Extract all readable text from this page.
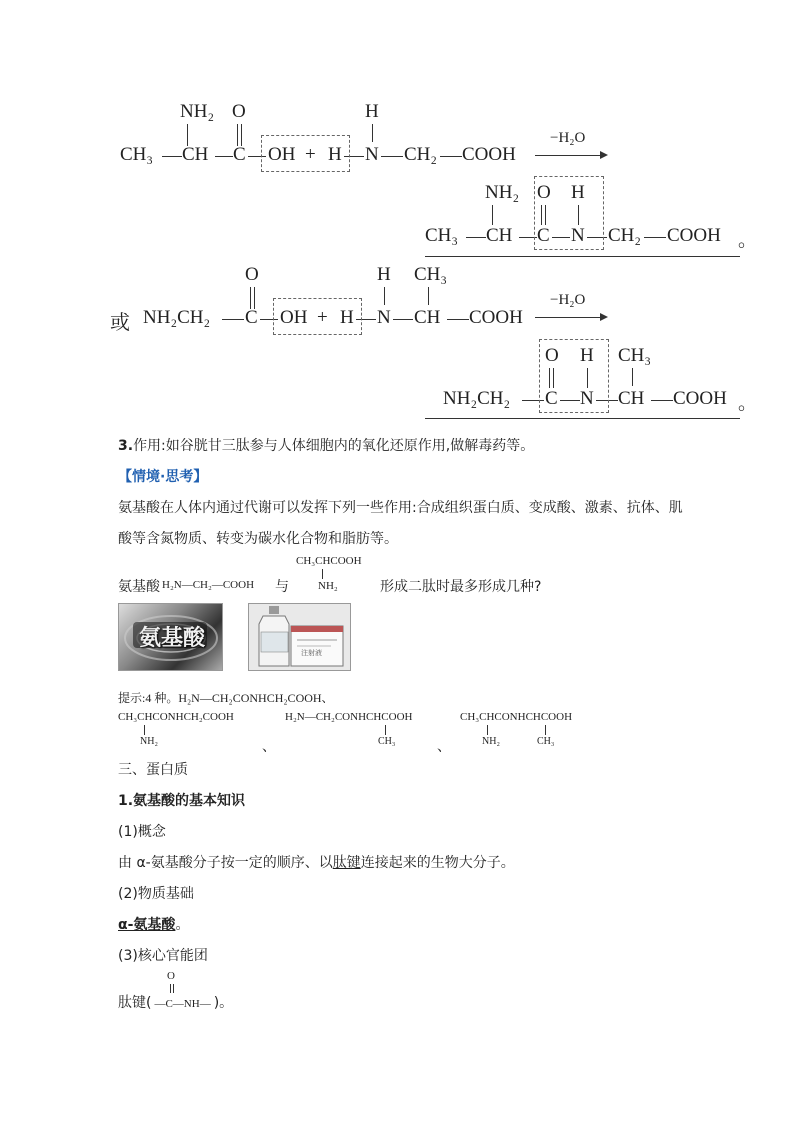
NH₂ O	H
CH₃ CH C OH + H N CH₂ COOH
−H₂O
NH₂ O H
CH₃ CH C N CH₂ COOH 。
或
O	H CH₃
NH₂CH₂ C OH + H N CH COOH
−H₂O
O H CH₃
NH₂CH₂ C N CH COOH 。
3.作用:如谷胱甘三肽参与人体细胞内的氧化还原作用,做解毒药等。
【情境·思考】
氨基酸在人体内通过代谢可以发挥下列一些作用:合成组织蛋白质、变成酸、激素、抗体、肌
酸等含氮物质、转变为碳水化合物和脂肪等。
氨基酸 H₂N—CH₂—COOH 与
CH₃CHCOOH
NH₂	形成二肽时最多形成几种?
氨基酸
注射液
提示:4 种。H₂N—CH₂CONHCH₂COOH、
CH₃CHCONHCH₂COOH
NH₂	、
H₂N—CH₂CONHCHCOOH
CH₃	、
CH₃CHCONHCHCOOH
NH₂	CH₃
三、蛋白质
1.氨基酸的基本知识
(1)概念
由 α-氨基酸分子按一定的顺序、以肽键连接起来的生物大分子。
(2)物质基础
α-氨基酸。
(3)核心官能团
O
肽键( —C—NH— )。
